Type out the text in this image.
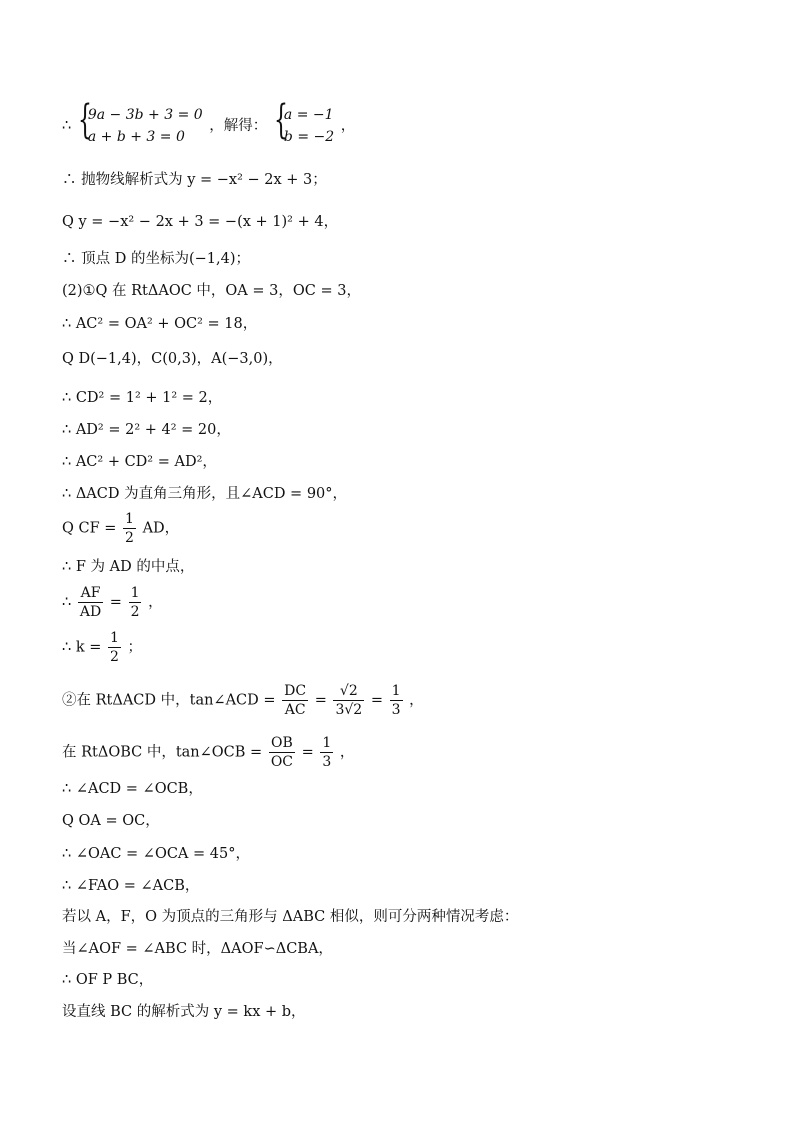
∴ {
9a − 3b + 3 = 0
a + b + 3 = 0
，解得： {
a = −1
b = −2
，
∴ 抛物线解析式为 y = −x² − 2x + 3；
Q y = −x² − 2x + 3 = −(x + 1)² + 4，
∴ 顶点 D 的坐标为(−1,4)；
(2)①Q 在 RtΔAOC 中，OA = 3，OC = 3，
∴ AC² = OA² + OC² = 18，
Q D(−1,4)，C(0,3)，A(−3,0)，
∴ CD² = 1² + 1² = 2，
∴ AD² = 2² + 4² = 20，
∴ AC² + CD² = AD²，
∴ ΔACD 为直角三角形，且∠ACD = 90°，
Q CF = $\frac{1}{2}$ AD，
∴ F 为 AD 的中点，
∴ $\frac{AF}{AD} = \frac{1}{2}$ ，
∴ $k = \frac{1}{2}$ ；
②在 RtΔACD 中，tan∠ACD = $\frac{DC}{AC} = \frac{√2}{3√2} = \frac{1}{3}$ ，
在 RtΔOBC 中，tan∠OCB = $\frac{OB}{OC} = \frac{1}{3}$ ，
∴ ∠ACD = ∠OCB，
Q OA = OC，
∴ ∠OAC = ∠OCA = 45°，
∴ ∠FAO = ∠ACB，
若以 A，F，O 为顶点的三角形与 ΔABC 相似，则可分两种情况考虑：
当∠AOF = ∠ABC 时，ΔAOF∽ΔCBA，
∴ OF P BC，
设直线 BC 的解析式为 y = kx + b，
